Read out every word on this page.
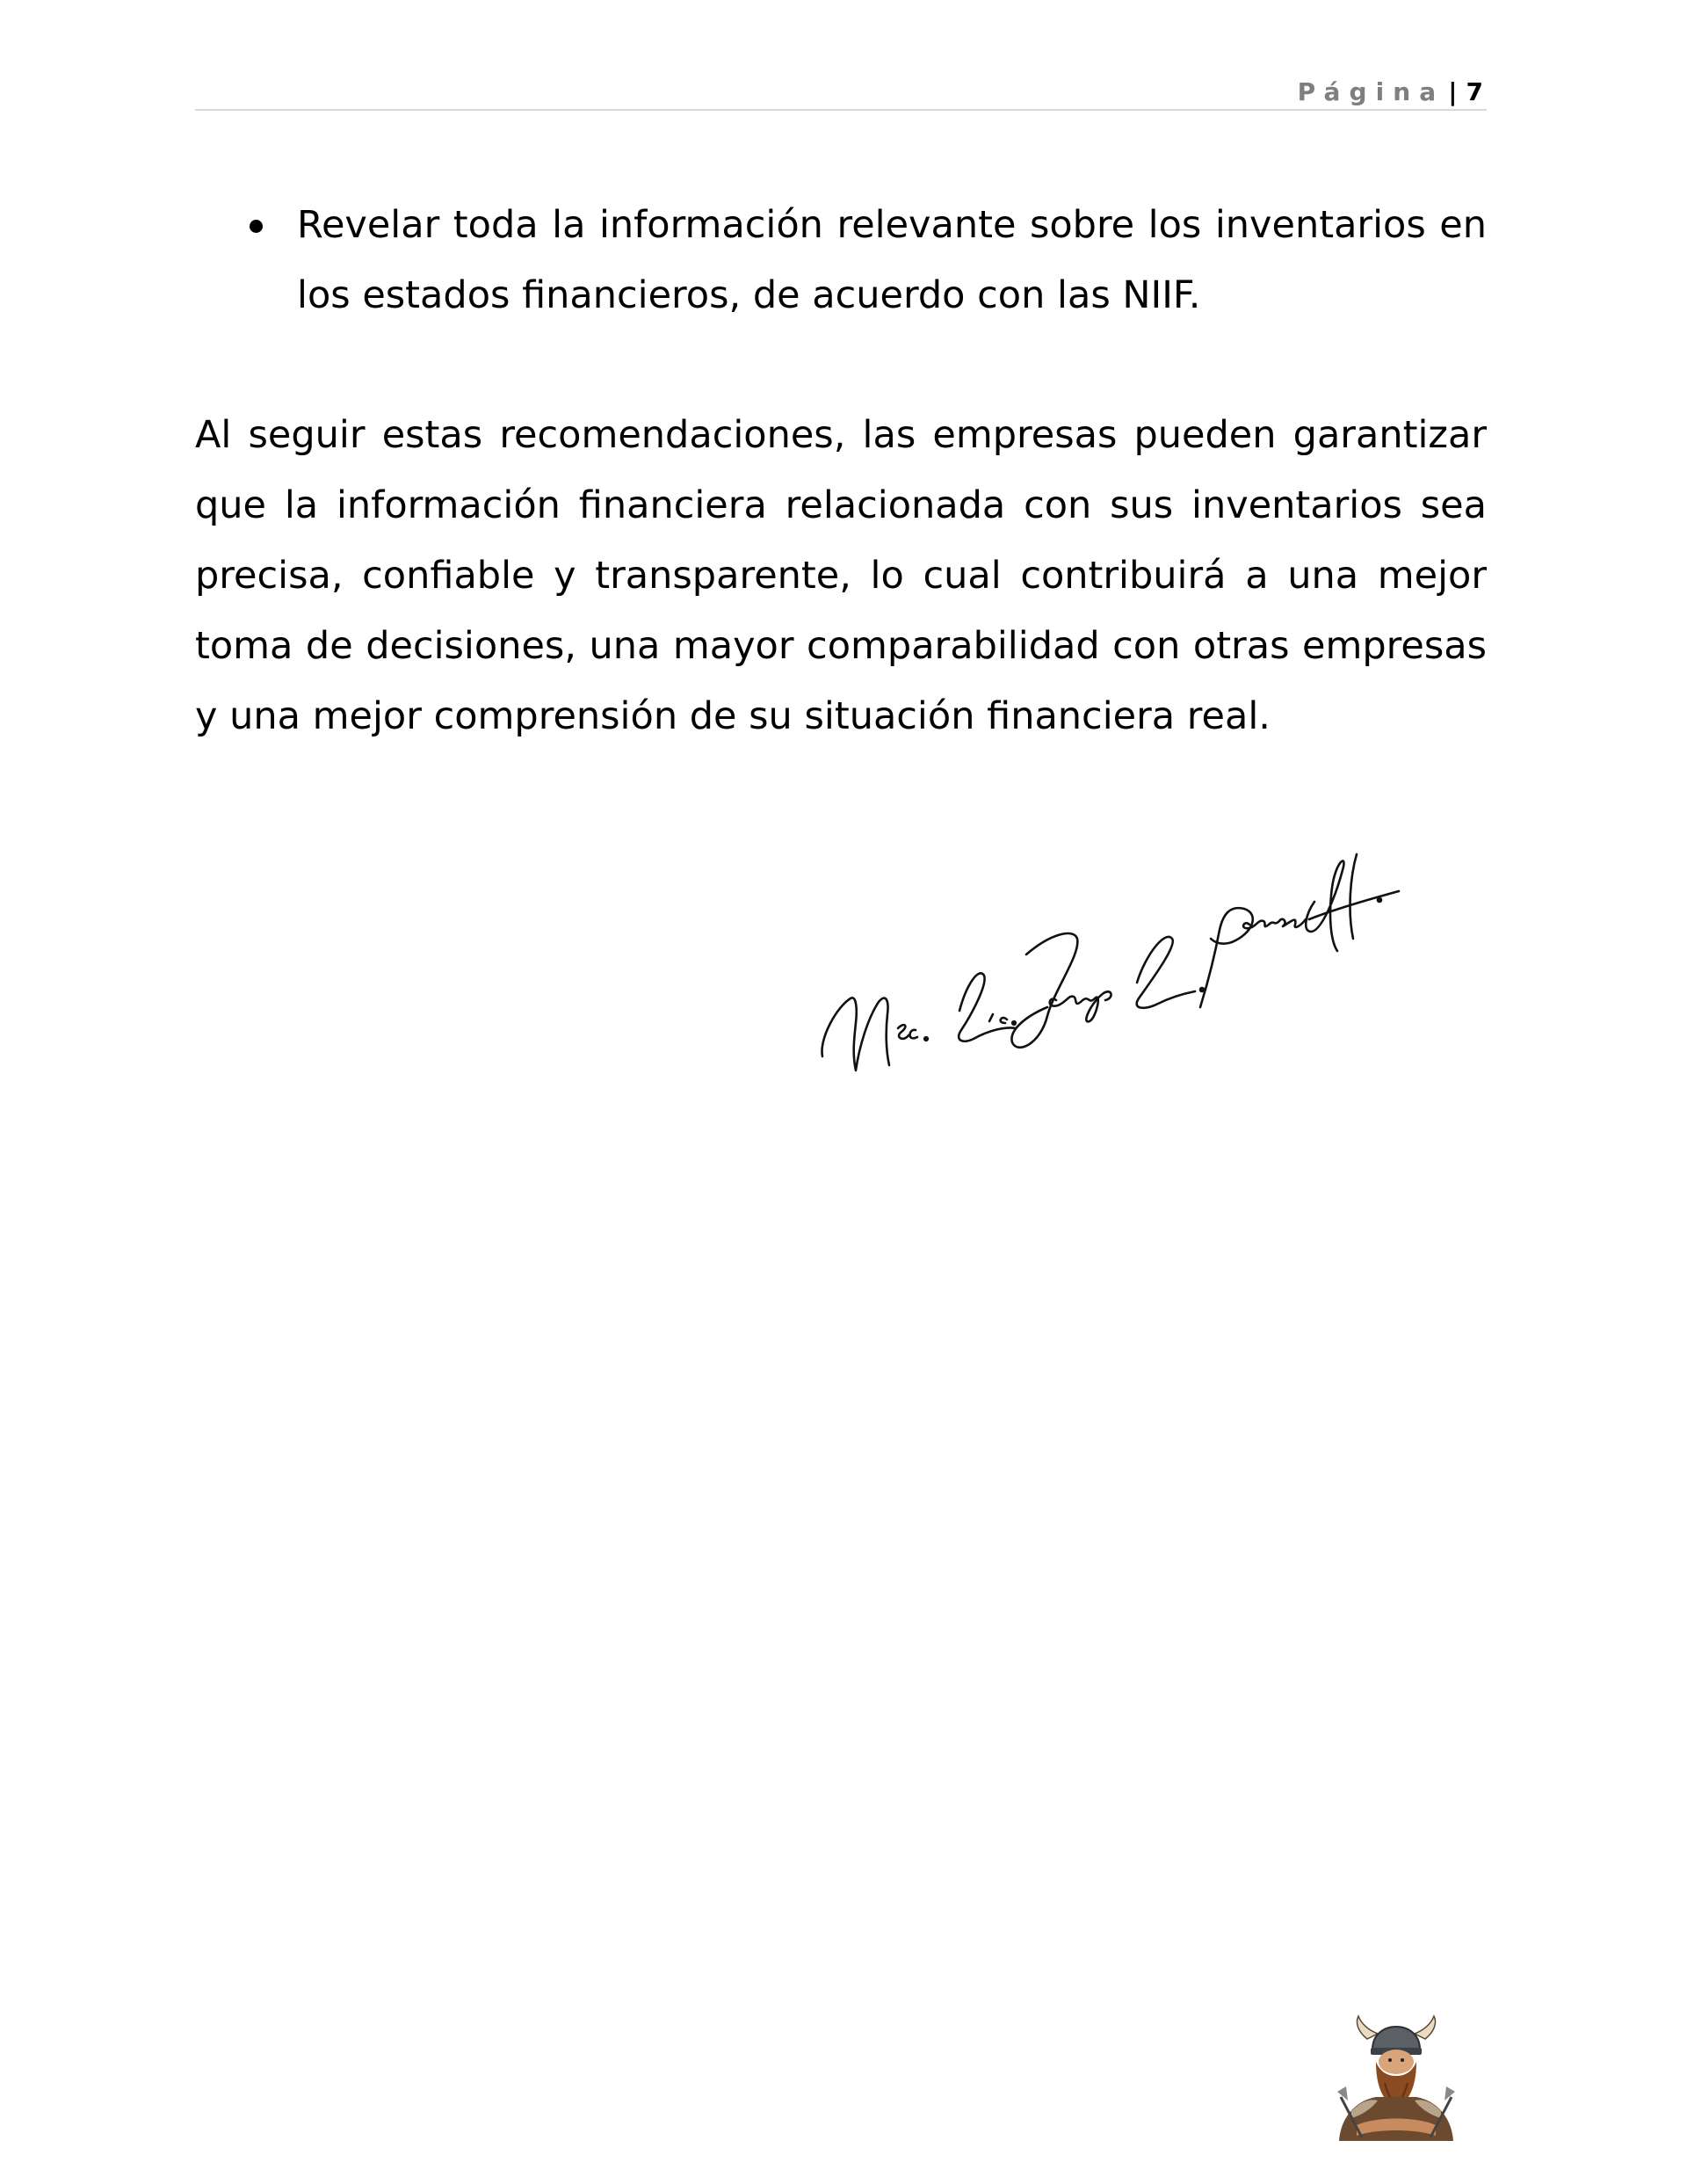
Página | 7
Revelar toda la información relevante sobre los inventarios en los estados financieros, de acuerdo con las NIIF.

Al seguir estas recomendaciones, las empresas pueden garantizar que la información financiera relacionada con sus inventarios sea precisa, confiable y transparente, lo cual contribuirá a una mejor toma de decisiones, una mayor comparabilidad con otras empresas y una mejor comprensión de su situación financiera real.
